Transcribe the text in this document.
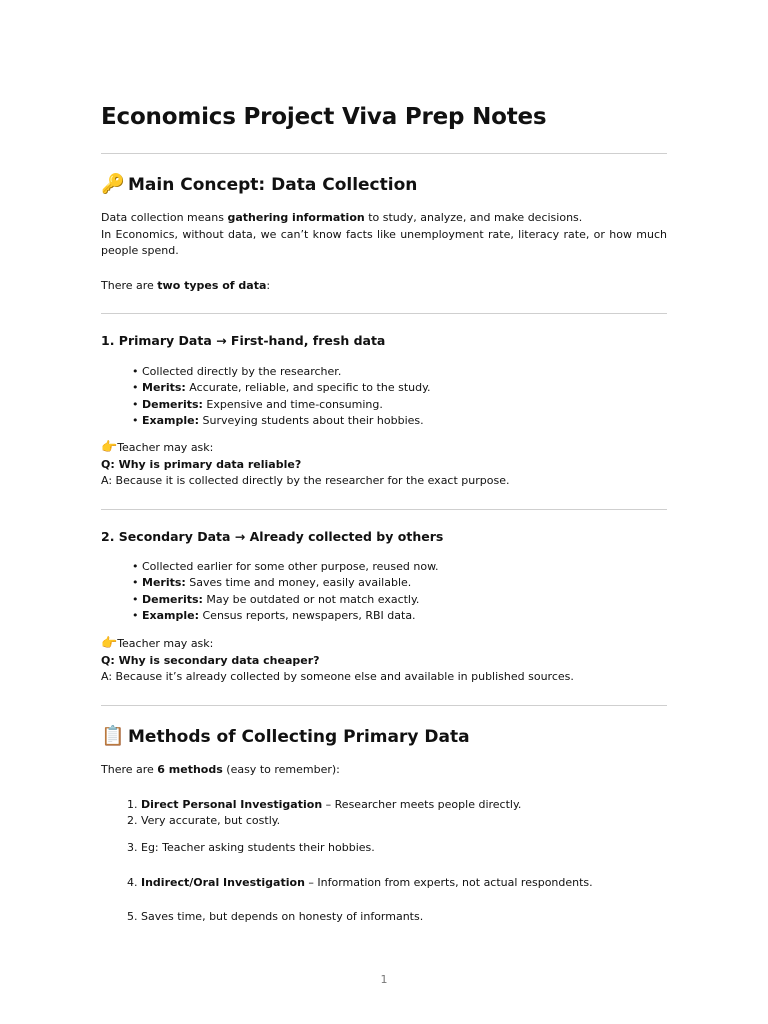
Economics Project Viva Prep Notes
🔑 Main Concept: Data Collection

Data collection means gathering information to study, analyze, and make decisions.
In Economics, without data, we can’t know facts like unemployment rate, literacy rate, or how much people spend.

There are two types of data:

1. Primary Data → First-hand, fresh data
• Collected directly by the researcher.
• Merits: Accurate, reliable, and specific to the study.
• Demerits: Expensive and time-consuming.
• Example: Surveying students about their hobbies.

👉Teacher may ask:
Q: Why is primary data reliable?
A: Because it is collected directly by the researcher for the exact purpose.

2. Secondary Data → Already collected by others
• Collected earlier for some other purpose, reused now.
• Merits: Saves time and money, easily available.
• Demerits: May be outdated or not match exactly.
• Example: Census reports, newspapers, RBI data.

👉Teacher may ask:
Q: Why is secondary data cheaper?
A: Because it’s already collected by someone else and available in published sources.

📋 Methods of Collecting Primary Data

There are 6 methods (easy to remember):

1. Direct Personal Investigation – Researcher meets people directly.

2. Very accurate, but costly.

3. Eg: Teacher asking students their hobbies.

4. Indirect/Oral Investigation – Information from experts, not actual respondents.

5. Saves time, but depends on honesty of informants.

1
